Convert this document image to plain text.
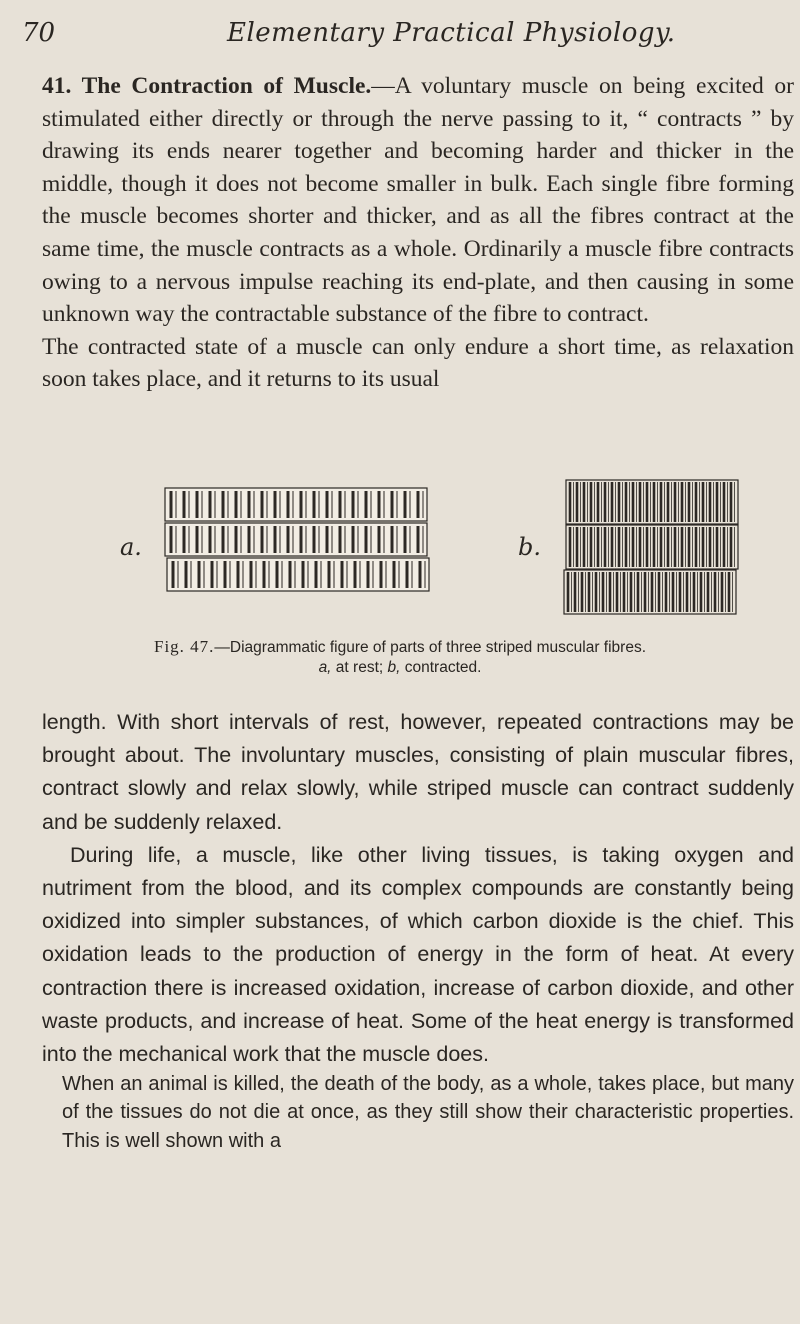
70	Elementary Practical Physiology.

41. The Contraction of Muscle.—A voluntary muscle on being excited or stimulated either directly or through the nerve passing to it, “ contracts ” by drawing its ends nearer together and becoming harder and thicker in the middle, though it does not become smaller in bulk. Each single fibre forming the muscle becomes shorter and thicker, and as all the fibres contract at the same time, the muscle contracts as a whole. Ordinarily a muscle fibre contracts owing to a nervous impulse reaching its end-plate, and then causing in some unknown way the contractable substance of the fibre to contract.

The contracted state of a muscle can only endure a short time, as relaxation soon takes place, and it returns to its usual

a.	b.
Fig. 47.—Diagrammatic figure of parts of three striped muscular fibres.
a, at rest; b, contracted.

length. With short intervals of rest, however, repeated contractions may be brought about. The involuntary muscles, consisting of plain muscular fibres, contract slowly and relax slowly, while striped muscle can contract suddenly and be suddenly relaxed.

During life, a muscle, like other living tissues, is taking oxygen and nutriment from the blood, and its complex compounds are constantly being oxidized into simpler substances, of which carbon dioxide is the chief. This oxidation leads to the production of energy in the form of heat. At every contraction there is increased oxidation, increase of carbon dioxide, and other waste products, and increase of heat. Some of the heat energy is transformed into the mechanical work that the muscle does.

When an animal is killed, the death of the body, as a whole, takes place, but many of the tissues do not die at once, as they still show their characteristic properties. This is well shown with a
